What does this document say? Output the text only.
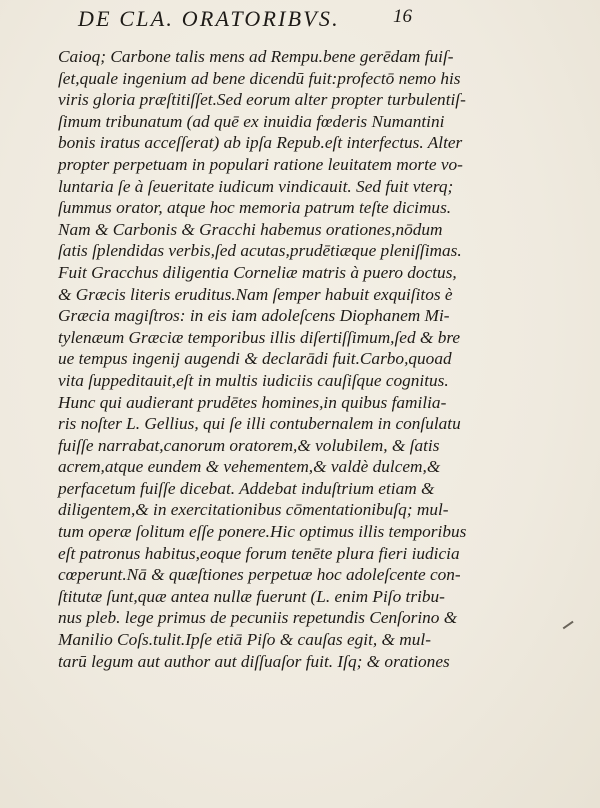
DE CLA. ORATORIBVS.	16
Caioq; Carbone talis mens ad Rempu.bene gerēdam fuiſ-
ſet,quale ingenium ad bene dicendū fuit:profectō nemo his
viris gloria præſtitiſſet.Sed eorum alter propter turbulentiſ-
ſimum tribunatum (ad quē ex inuidia fœderis Numantini
bonis iratus acceſſerat) ab ipſa Repub.eſt interfectus. Alter
propter perpetuam in populari ratione leuitatem morte vo-
luntaria ſe à ſeueritate iudicum vindicauit. Sed fuit vterq;
ſummus orator, atque hoc memoria patrum teſte dicimus.
Nam & Carbonis & Gracchi habemus orationes,nōdum
ſatis ſplendidas verbis,ſed acutas,prudētiæque pleniſſimas.
Fuit Gracchus diligentia Corneliæ matris à puero doctus,
& Græcis literis eruditus.Nam ſemper habuit exquiſitos è
Græcia magiſtros: in eis iam adoleſcens Diophanem Mi-
tylenæum Græciæ temporibus illis diſertiſſimum,ſed & bre
ue tempus ingenij augendi & declarādi fuit.Carbo,quoad
vita ſuppeditauit,eſt in multis iudiciis cauſiſque cognitus.
Hunc qui audierant prudētes homines,in quibus familia-
ris noſter L. Gellius, qui ſe illi contubernalem in conſulatu
fuiſſe narrabat,canorum oratorem,& volubilem, & ſatis
acrem,atque eundem & vehementem,& valdè dulcem,&
perfacetum fuiſſe dicebat. Addebat induſtrium etiam &
diligentem,& in exercitationibus cōmentationibuſq; mul-
tum operæ ſolitum eſſe ponere.Hic optimus illis temporibus
eſt patronus habitus,eoque forum tenēte plura fieri iudicia
cœperunt.Nā & quæſtiones perpetuæ hoc adoleſcente con-
ſtitutæ ſunt,quæ antea nullæ fuerunt (L. enim Piſo tribu-
nus pleb. lege primus de pecuniis repetundis Cenſorino &
Manilio Coſs.tulit.Ipſe etiā Piſo & cauſas egit, & mul-
tarū legum aut author aut diſſuaſor fuit. Iſq; & orationes
